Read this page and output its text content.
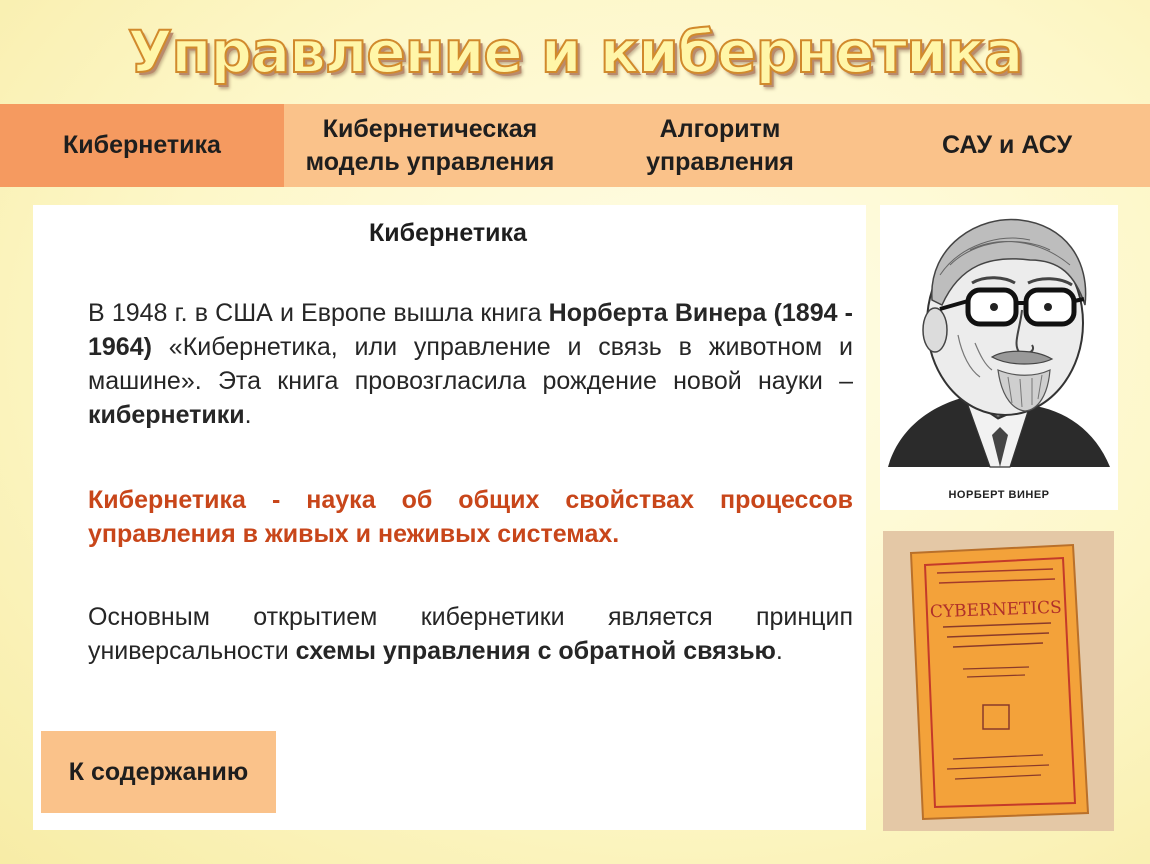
Управление и кибернетика
Кибернетика
Кибернетическая
модель управления
Алгоритм
управления
САУ и АСУ
Кибернетика
В 1948 г. в США и Европе вышла книга Норберта Винера (1894 - 1964) «Кибернетика, или управление и связь в животном и машине». Эта книга провозгласила рождение новой науки – кибернетики.
Кибернетика - наука об общих свойствах процессов управления в живых и неживых системах.
Основным открытием кибернетики является принцип универсальности схемы управления с обратной связью.
К содержанию
НОРБЕРТ ВИНЕР
CYBERNETICS
